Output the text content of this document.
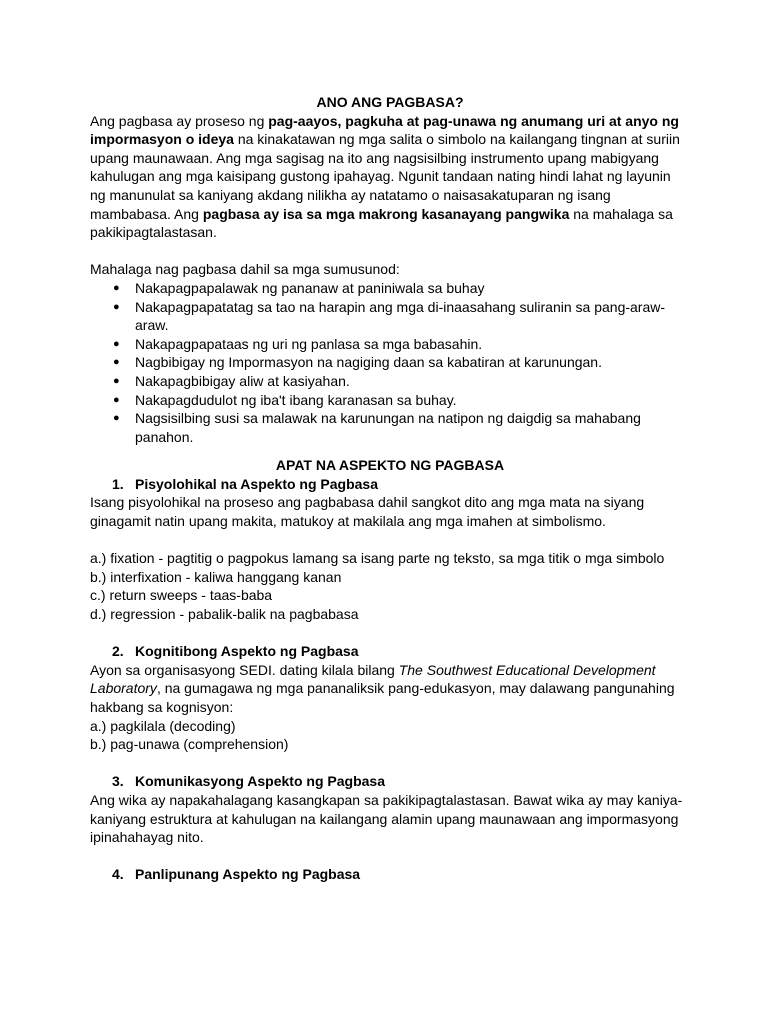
ANO ANG PAGBASA?

Ang pagbasa ay proseso ng pag-aayos, pagkuha at pag-unawa ng anumang uri at anyo ng impormasyon o ideya na kinakatawan ng mga salita o simbolo na kailangang tingnan at suriin upang maunawaan. Ang mga sagisag na ito ang nagsisilbing instrumento upang mabigyang kahulugan ang mga kaisipang gustong ipahayag. Ngunit tandaan nating hindi lahat ng layunin ng manunulat sa kaniyang akdang nilikha ay natatamo o naisasakatuparan ng isang mambabasa. Ang pagbasa ay isa sa mga makrong kasanayang pangwika na mahalaga sa pakikipagtalastasan.

Mahalaga nag pagbasa dahil sa mga sumusunod:

● Nakapagpapalawak ng pananaw at paniniwala sa buhay
● Nakapagpapatatag sa tao na harapin ang mga di-inaasahang suliranin sa pang-araw-araw.
● Nakapagpapataas ng uri ng panlasa sa mga babasahin.
● Nagbibigay ng Impormasyon na nagiging daan sa kabatiran at karunungan.
● Nakapagbibigay aliw at kasiyahan.
● Nakapagdudulot ng iba't ibang karanasan sa buhay.
● Nagsisilbing susi sa malawak na karunungan na natipon ng daigdig sa mahabang panahon.
APAT NA ASPEKTO NG PAGBASA
1. Pisyolohikal na Aspekto ng Pagbasa

Isang pisyolohikal na proseso ang pagbabasa dahil sangkot dito ang mga mata na siyang ginagamit natin upang makita, matukoy at makilala ang mga imahen at simbolismo.

a.) fixation - pagtitig o pagpokus lamang sa isang parte ng teksto, sa mga titik o mga simbolo

b.) interfixation - kaliwa hanggang kanan

c.) return sweeps - taas-baba

d.) regression - pabalik-balik na pagbabasa

2. Kognitibong Aspekto ng Pagbasa

Ayon sa organisasyong SEDI. dating kilala bilang The Southwest Educational Development Laboratory, na gumagawa ng mga pananaliksik pang-edukasyon, may dalawang pangunahing hakbang sa kognisyon:

a.) pagkilala (decoding)

b.) pag-unawa (comprehension)

3. Komunikasyong Aspekto ng Pagbasa

Ang wika ay napakahalagang kasangkapan sa pakikipagtalastasan. Bawat wika ay may kaniya-kaniyang estruktura at kahulugan na kailangang alamin upang maunawaan ang impormasyong ipinahahayag nito.

4. Panlipunang Aspekto ng Pagbasa
